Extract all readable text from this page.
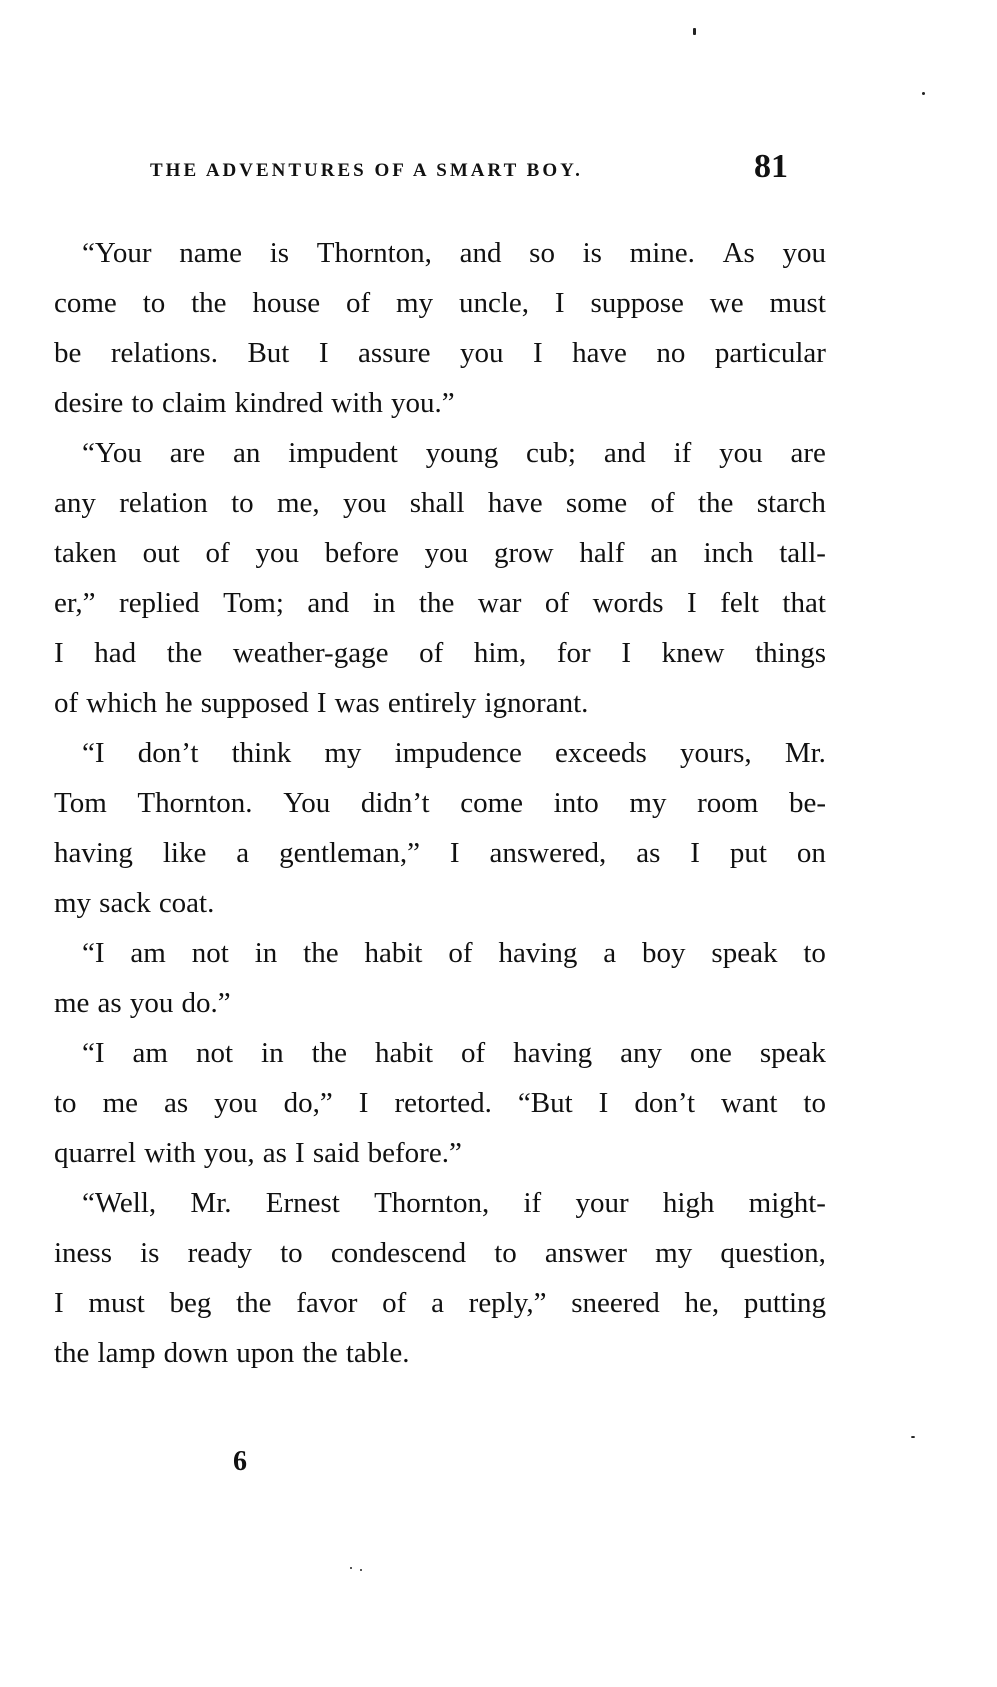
THE ADVENTURES OF A SMART BOY.	81
“Your name is Thornton, and so is mine. As you
come to the house of my uncle, I suppose we must
be relations. But I assure you I have no particular
desire to claim kindred with you.”
“You are an impudent young cub; and if you are
any relation to me, you shall have some of the starch
taken out of you before you grow half an inch tall-
er,” replied Tom; and in the war of words I felt that
I had the weather-gage of him, for I knew things
of which he supposed I was entirely ignorant.
“I don’t think my impudence exceeds yours, Mr.
Tom Thornton. You didn’t come into my room be-
having like a gentleman,” I answered, as I put on
my sack coat.
“I am not in the habit of having a boy speak to
me as you do.”
“I am not in the habit of having any one speak
to me as you do,” I retorted. “But I don’t want to
quarrel with you, as I said before.”
“Well, Mr. Ernest Thornton, if your high might-
iness is ready to condescend to answer my question,
I must beg the favor of a reply,” sneered he, putting
the lamp down upon the table.
6
